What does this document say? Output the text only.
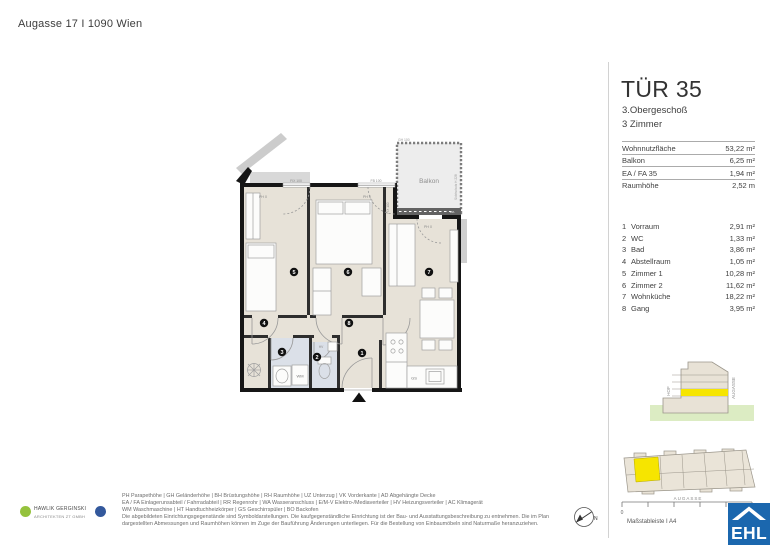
Augasse 17 I 1090 Wien
Balkon
GH 100
Sichtschutz H 228
WA
FIX 100	FB 100
PH 0	PH 0
PH 0
FIX 100
WM	GS
HV
1
2
3
4
5	6	7
8
TÜR 35
3.Obergeschoß
3 Zimmer
Wohnnutzfläche	53,22 m²
Balkon	6,25 m²
EA / FA 35	1,94 m²
Raumhöhe	2,52 m
1 Vorraum	2,91 m²
2 WC	1,33 m²
3 Bad	3,86 m²
4 Abstellraum	1,05 m²
5 Zimmer 1	10,28 m²
6 Zimmer 2	11,62 m²
7 Wohnküche	18,22 m²
8 Gang	3,95 m²
HOF	AUGASSE
AUGASSE
PH Parapethöhe | GH Geländerhöhe | BH Brüstungshöhe | RH Raumhöhe | UZ Unterzug | VK Vorderkante | AD Abgehängte Decke
EA / FA Einlagerunsabteil / Fahrradabteil | RR Regenrohr | WA Wasseranschluss | E/M-V Elektro-/Mediaverteiler | HV Heizungsverteiler | AC Klimagerät
WM Waschmaschine | HT Handtuchheizkörper | GS Geschirrspüler | BO Backofen
Die abgebildeten Einrichtungsgegenstände sind Symboldarstellungen. Die kaufgegenständliche Einrichtung ist der Bau- und Ausstattungsbeschreibung zu entnehmen. Die im Plan
dargestellten Abmessungen und Raumhöhen können im Zuge der Bauführung Änderungen unterliegen. Für die Bestellung von Einbaumöbeln sind Naturmaße heranzuziehen.
HAWLIK GERGINSKI
ARCHITEKTEN ZT GMBH	N
0
Maßstableiste I A4
EHL
